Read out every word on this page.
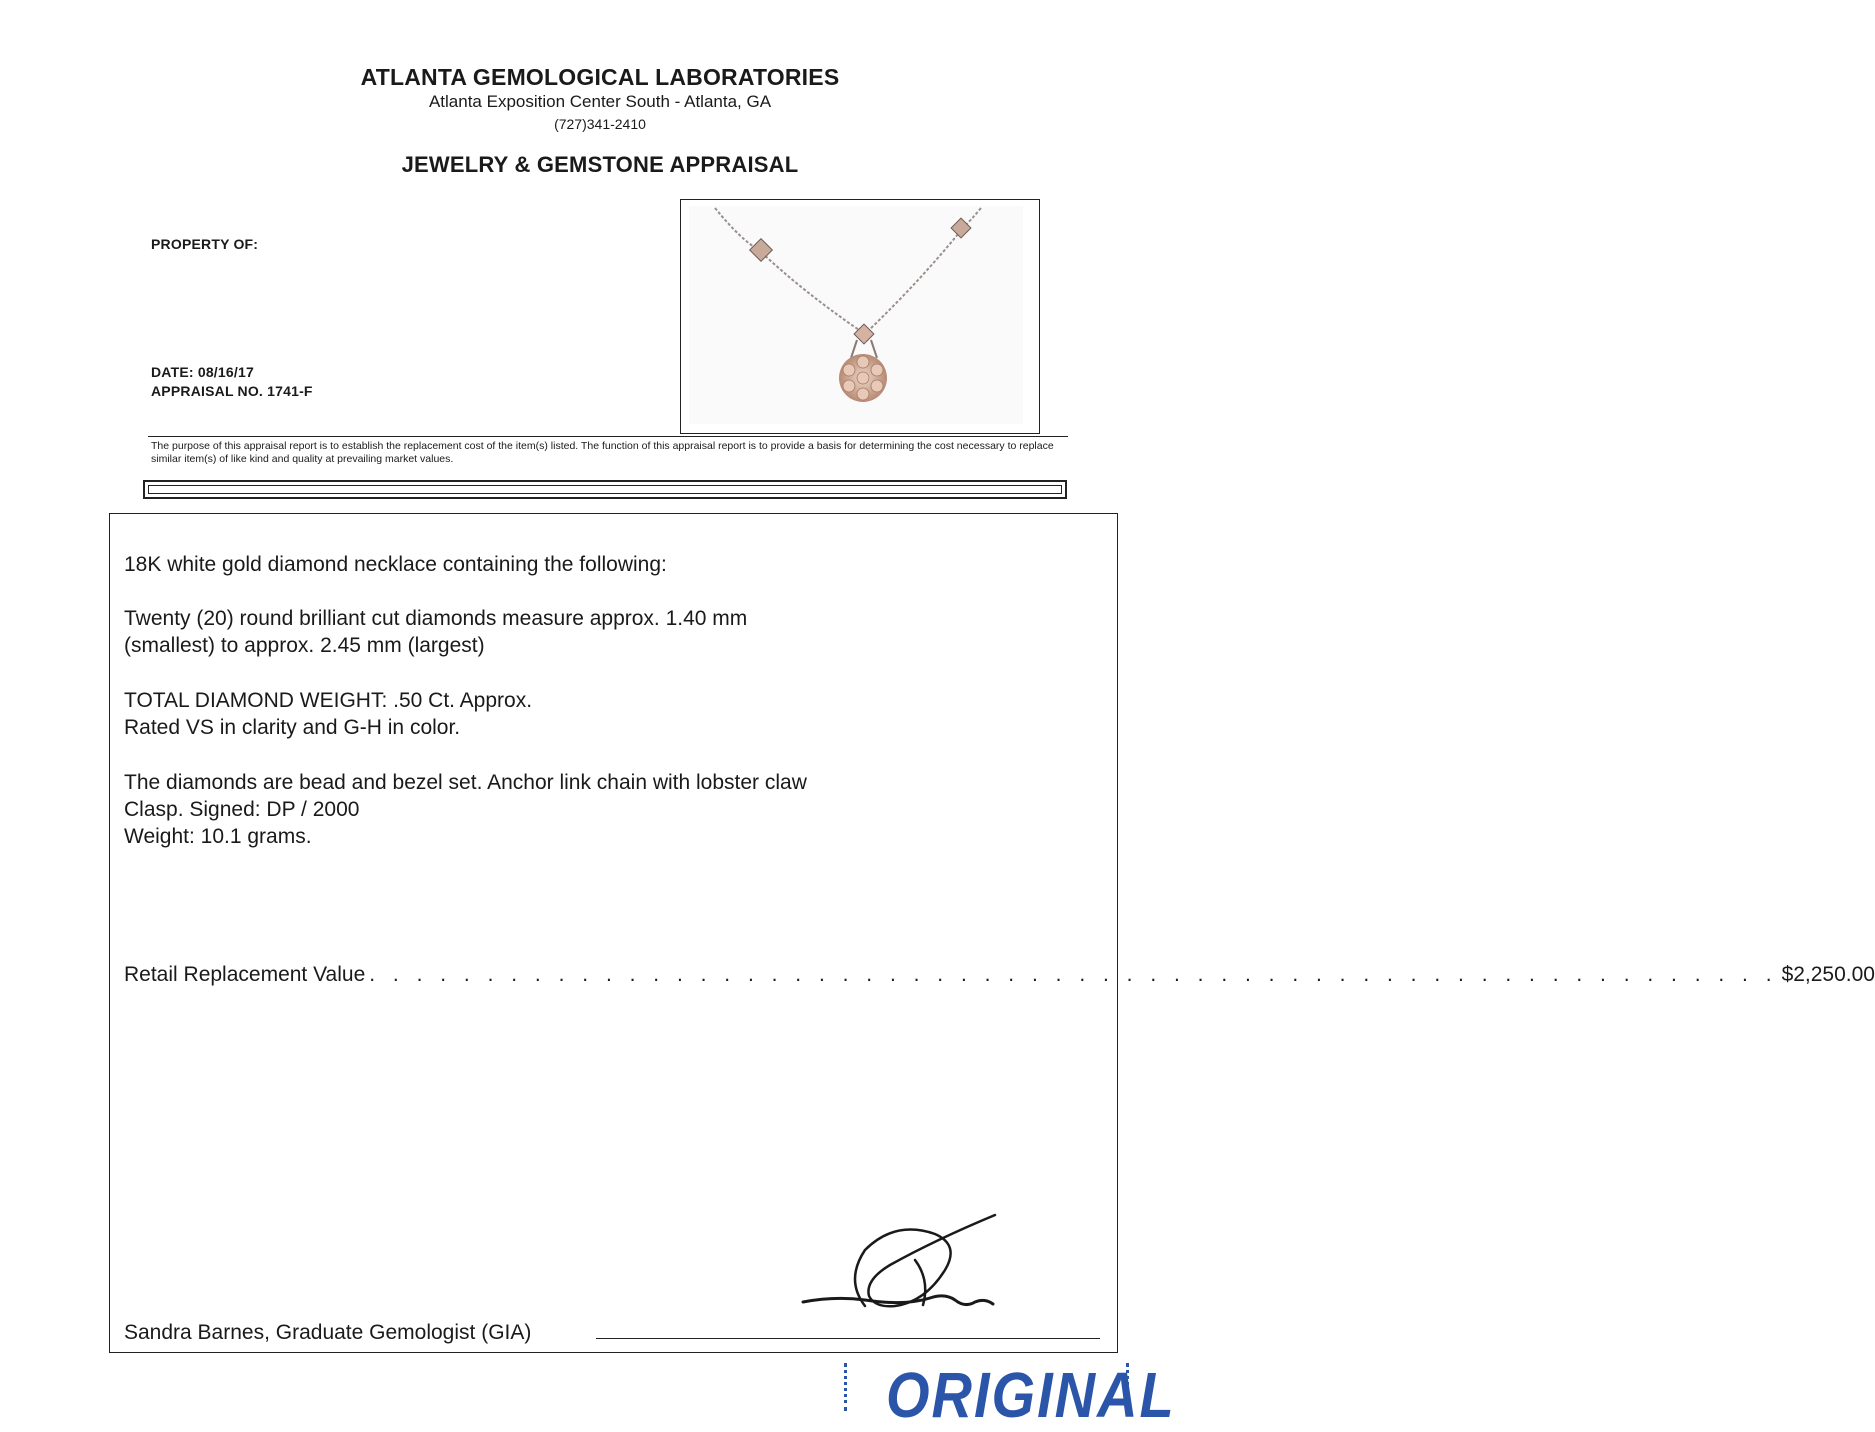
ATLANTA GEMOLOGICAL LABORATORIES
Atlanta Exposition Center South - Atlanta, GA
(727)341-2410
JEWELRY & GEMSTONE APPRAISAL
PROPERTY OF:
DATE: 08/16/17
APPRAISAL NO. 1741-F
The purpose of this appraisal report is to establish the replacement cost of the item(s) listed. The function of this appraisal report is to provide a basis for determining the cost necessary to replace similar item(s) of like kind and quality at prevailing market values.
18K white gold diamond necklace containing the following:
Twenty (20) round brilliant cut diamonds measure approx. 1.40 mm
(smallest) to approx. 2.45 mm (largest)
TOTAL DIAMOND WEIGHT: .50 Ct. Approx.
Rated VS in clarity and G-H in color.
The diamonds are bead and bezel set. Anchor link chain with lobster claw
Clasp. Signed: DP / 2000
Weight: 10.1 grams.
Retail Replacement Value . . . . . . . . . . . . . . . . . . . . . . . . . . . . . . . . . . . . . . . . . . . . . . . . . . . . . . . . . . . . $2,250.00
Sandra Barnes, Graduate Gemologist (GIA)
ORIGINAL
